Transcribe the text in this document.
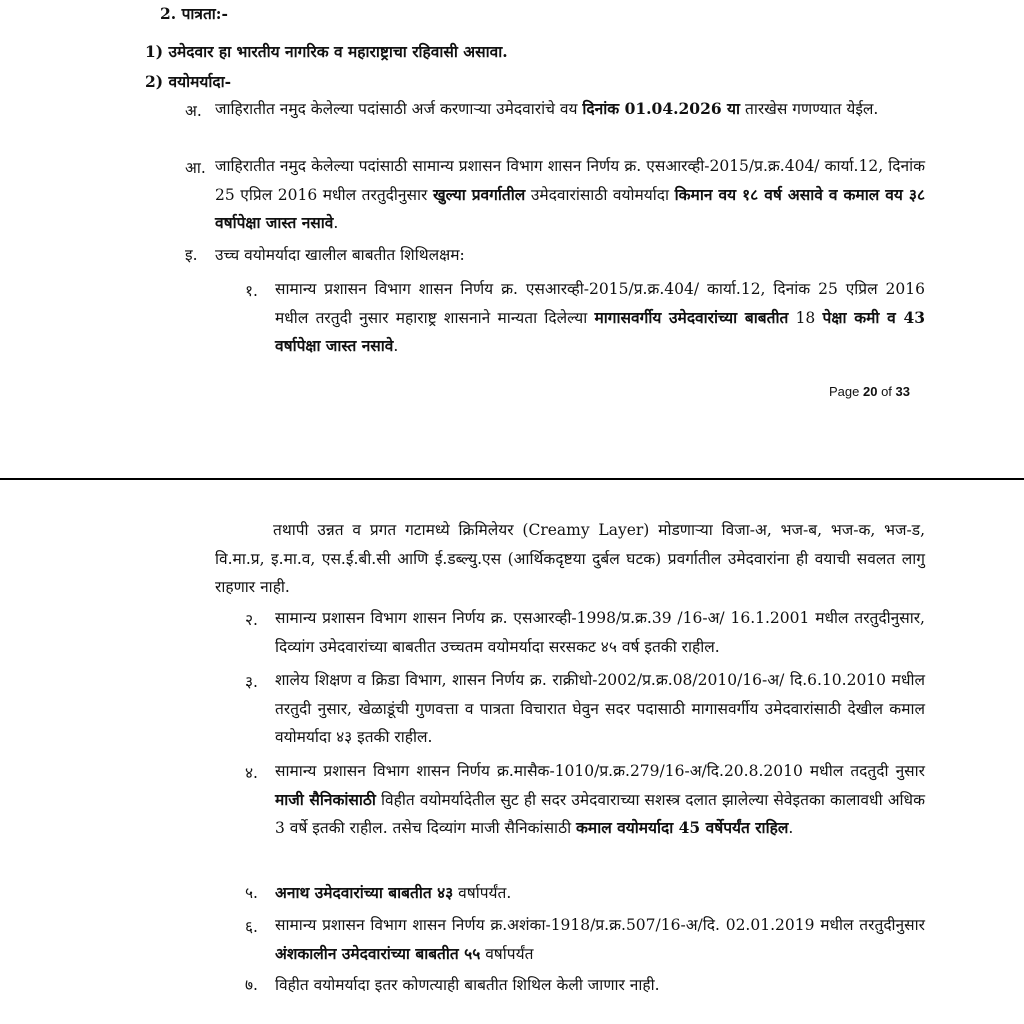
2. पात्रता:-
1) उमेदवार हा भारतीय नागरिक व महाराष्ट्राचा रहिवासी असावा.
2) वयोमर्यादा-
अ. जाहिरातीत नमुद केलेल्या पदांसाठी अर्ज करणाऱ्या उमेदवारांचे वय दिनांक 01.04.2026 या तारखेस गणण्यात येईल.
आ. जाहिरातीत नमुद केलेल्या पदांसाठी सामान्य प्रशासन विभाग शासन निर्णय क्र. एसआरव्ही-2015/प्र.क्र.404/ कार्या.12, दिनांक 25 एप्रिल 2016 मधील तरतुदीनुसार खुल्या प्रवर्गातील उमेदवारांसाठी वयोमर्यादा किमान वय १८ वर्ष असावे व कमाल वय ३८ वर्षापेक्षा जास्त नसावे.
इ. उच्च वयोमर्यादा खालील बाबतीत शिथिलक्षम:
१. सामान्य प्रशासन विभाग शासन निर्णय क्र. एसआरव्ही-2015/प्र.क्र.404/ कार्या.12, दिनांक 25 एप्रिल 2016 मधील तरतुदी नुसार महाराष्ट्र शासनाने मान्यता दिलेल्या मागासवर्गीय उमेदवारांच्या बाबतीत 18 पेक्षा कमी व 43 वर्षापेक्षा जास्त नसावे.
Page 20 of 33
तथापी उन्नत व प्रगत गटामध्ये क्रिमिलेयर (Creamy Layer) मोडणाऱ्या विजा-अ, भज-ब, भज-क, भज-ड, वि.मा.प्र, इ.मा.व, एस.ई.बी.सी आणि ई.डब्ल्यु.एस (आर्थिकदृष्टया दुर्बल घटक) प्रवर्गातील उमेदवारांना ही वयाची सवलत लागु राहणार नाही.
२. सामान्य प्रशासन विभाग शासन निर्णय क्र. एसआरव्ही-1998/प्र.क्र.39 /16-अ/ 16.1.2001 मधील तरतुदीनुसार, दिव्यांग उमेदवारांच्या बाबतीत उच्चतम वयोमर्यादा सरसकट ४५ वर्ष इतकी राहील.
३. शालेय शिक्षण व क्रिडा विभाग, शासन निर्णय क्र. राक्रीधो-2002/प्र.क्र.08/2010/16-अ/ दि.6.10.2010 मधील तरतुदी नुसार, खेळाडूंची गुणवत्ता व पात्रता विचारात घेवुन सदर पदासाठी मागासवर्गीय उमेदवारांसाठी देखील कमाल वयोमर्यादा ४३ इतकी राहील.
४. सामान्य प्रशासन विभाग शासन निर्णय क्र.मासैक-1010/प्र.क्र.279/16-अ/दि.20.8.2010 मधील तदतुदी नुसार माजी सैनिकांसाठी विहीत वयोमर्यादेतील सुट ही सदर उमेदवाराच्या सशस्त्र दलात झालेल्या सेवेइतका कालावधी अधिक 3 वर्षे इतकी राहील. तसेच दिव्यांग माजी सैनिकांसाठी कमाल वयोमर्यादा 45 वर्षेपर्यंत राहिल.
५. अनाथ उमेदवारांच्या बाबतीत ४३ वर्षापर्यंत.
६. सामान्य प्रशासन विभाग शासन निर्णय क्र.अशंका-1918/प्र.क्र.507/16-अ/दि. 02.01.2019 मधील तरतुदीनुसार अंशकालीन उमेदवारांच्या बाबतीत ५५ वर्षापर्यंत
७. विहीत वयोमर्यादा इतर कोणत्याही बाबतीत शिथिल केली जाणार नाही.
